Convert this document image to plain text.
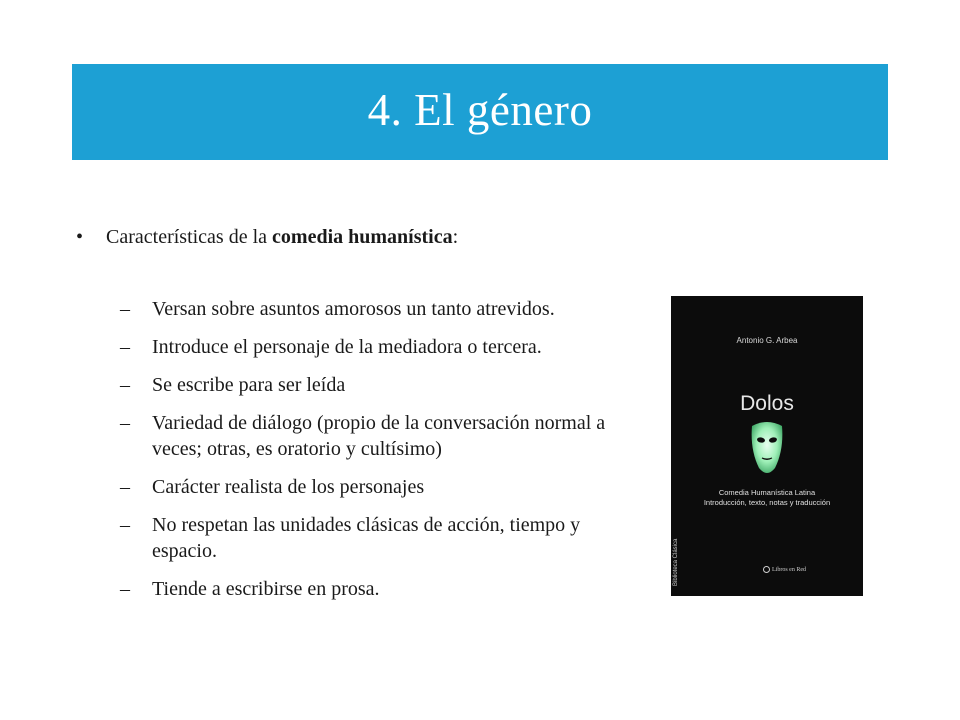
4. El género
•	Características de la comedia humanística:
–	Versan sobre asuntos amorosos un tanto atrevidos.
–	Introduce el personaje de la mediadora o tercera.
–	Se escribe para ser leída
–	Variedad de diálogo (propio de la conversación normal a veces; otras, es oratorio y cultísimo)
–	Carácter realista de los personajes
–	No respetan las unidades clásicas de acción, tiempo y espacio.
–	Tiende a escribirse en prosa.
Antonio G. Arbea
Dolos
Comedia Humanística Latina
Introducción, texto, notas y traducción
Biblioteca Clásica	Libros en Red
